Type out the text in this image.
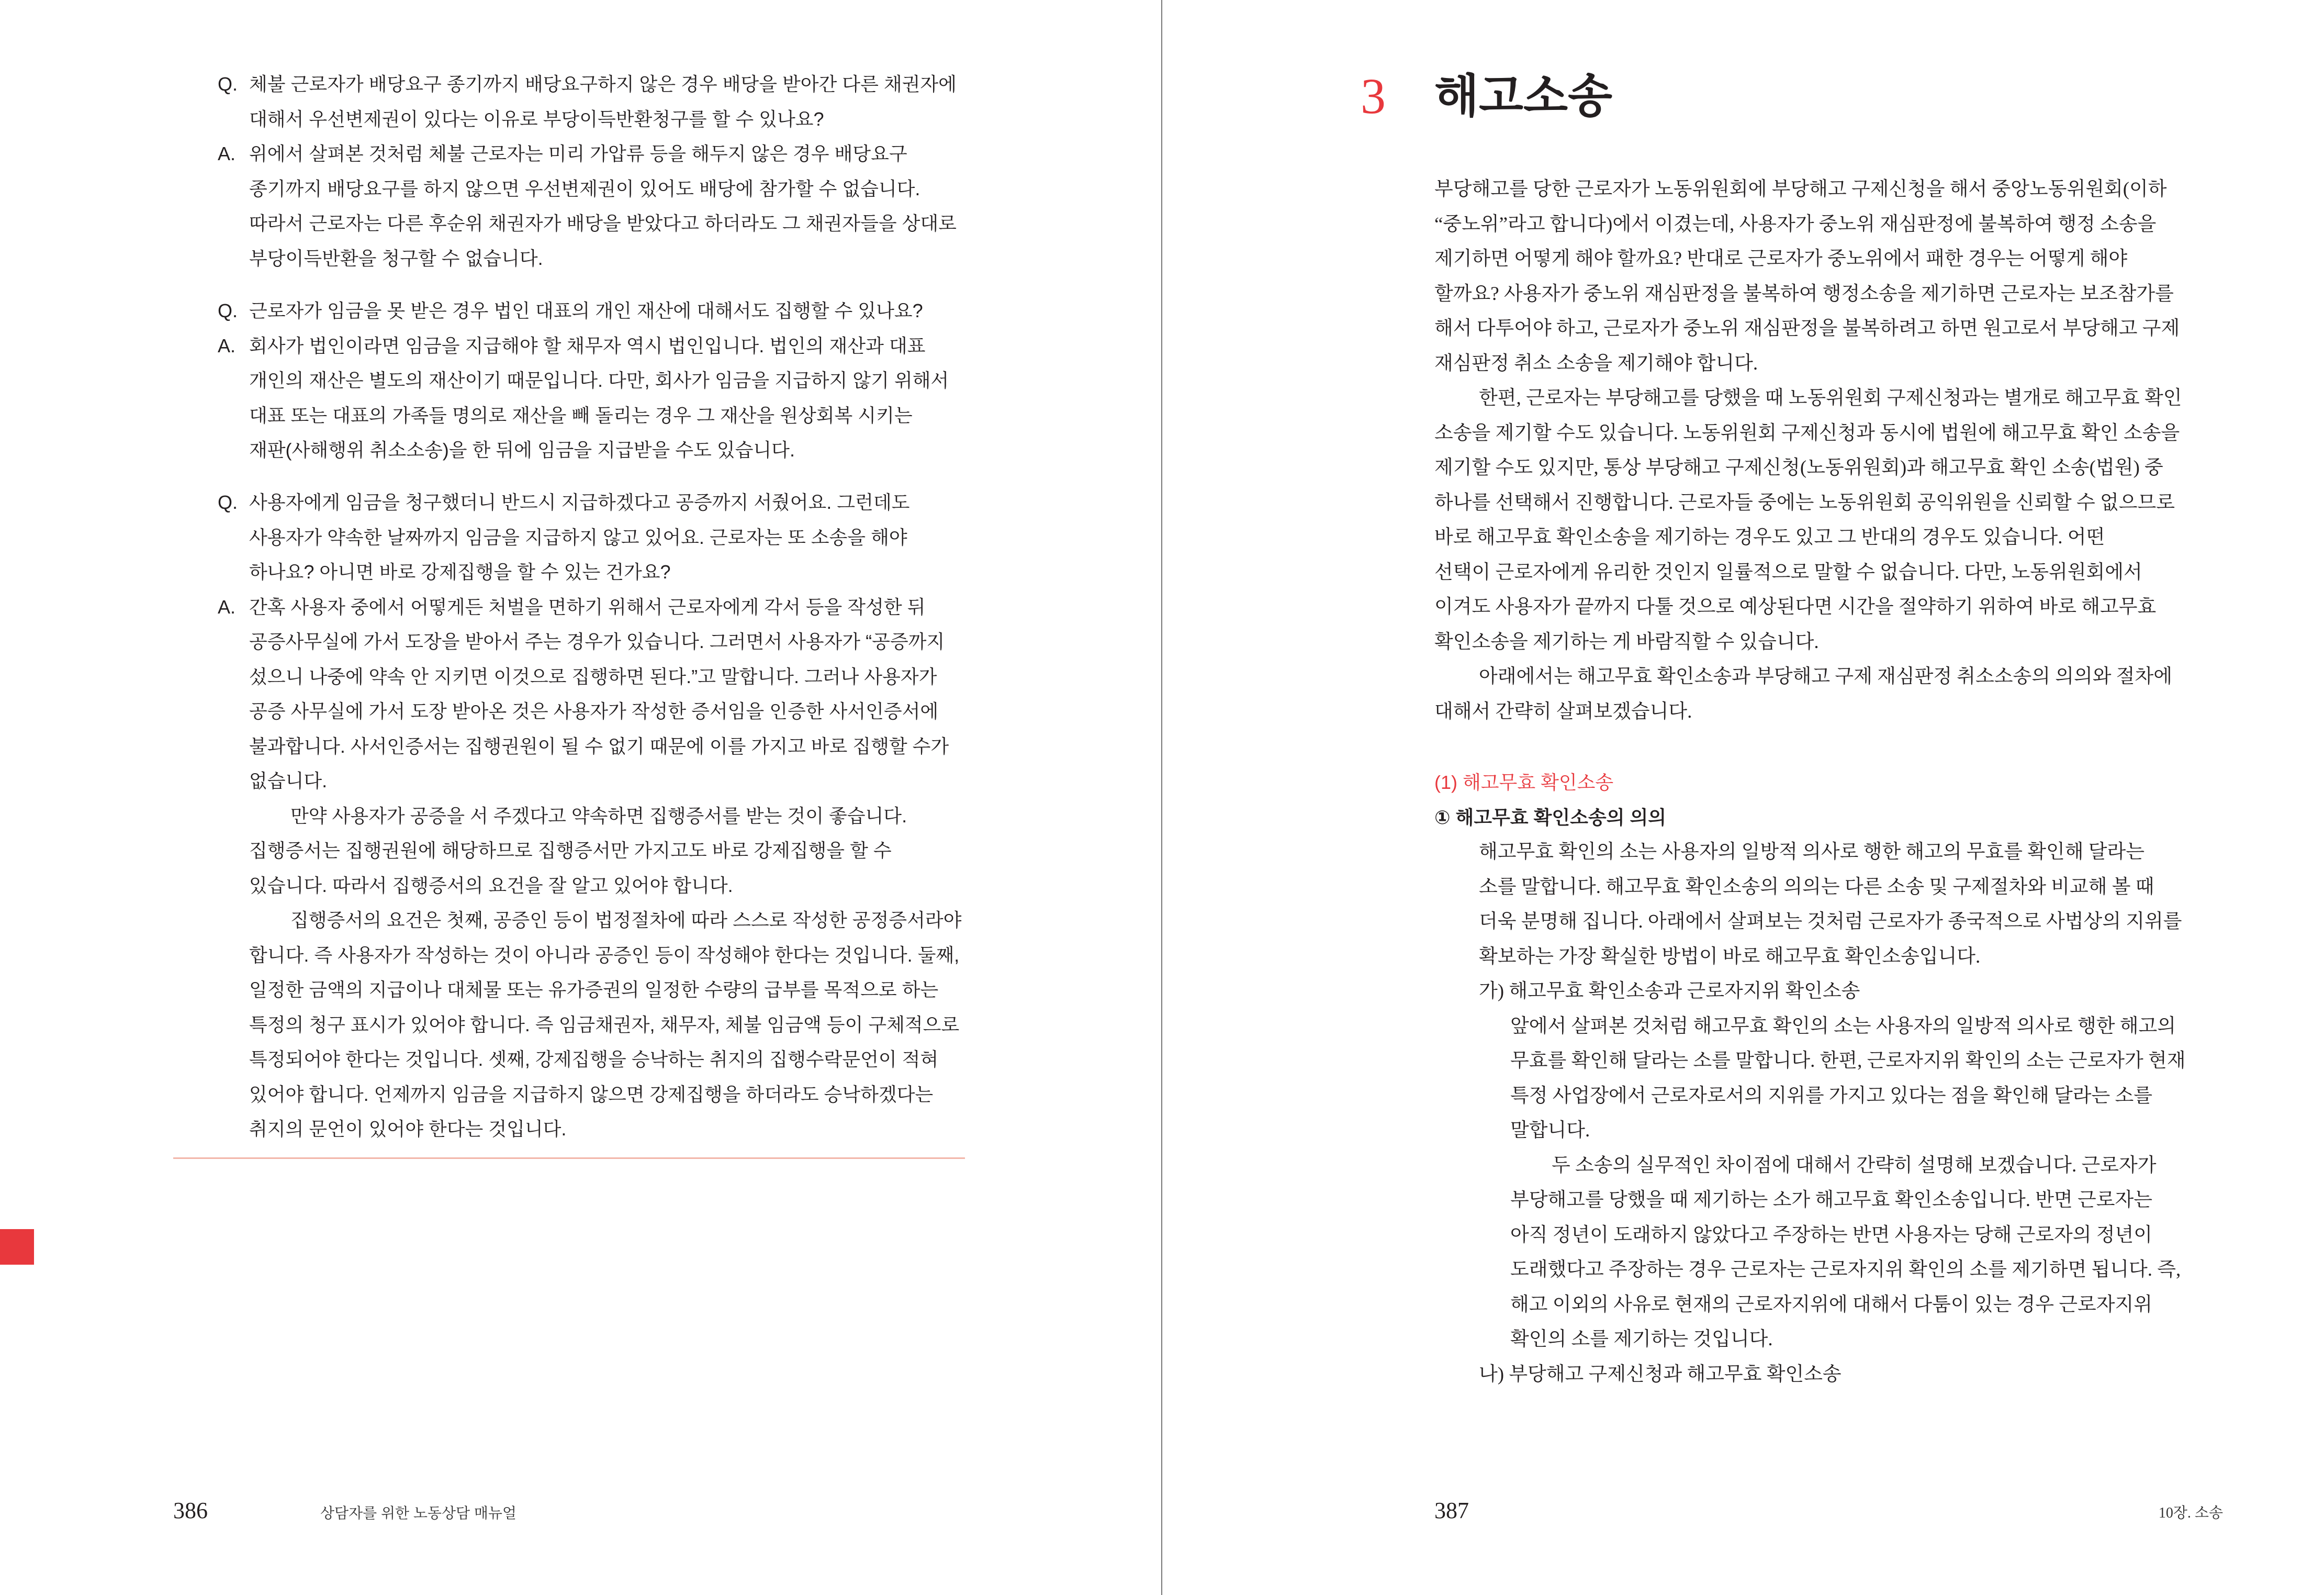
Q. 체불 근로자가 배당요구 종기까지 배당요구하지 않은 경우 배당을 받아간 다른 채권자에
대해서 우선변제권이 있다는 이유로 부당이득반환청구를 할 수 있나요?
A. 위에서 살펴본 것처럼 체불 근로자는 미리 가압류 등을 해두지 않은 경우 배당요구
종기까지 배당요구를 하지 않으면 우선변제권이 있어도 배당에 참가할 수 없습니다.
따라서 근로자는 다른 후순위 채권자가 배당을 받았다고 하더라도 그 채권자들을 상대로
부당이득반환을 청구할 수 없습니다.
Q. 근로자가 임금을 못 받은 경우 법인 대표의 개인 재산에 대해서도 집행할 수 있나요?
A. 회사가 법인이라면 임금을 지급해야 할 채무자 역시 법인입니다. 법인의 재산과 대표
개인의 재산은 별도의 재산이기 때문입니다. 다만, 회사가 임금을 지급하지 않기 위해서
대표 또는 대표의 가족들 명의로 재산을 빼 돌리는 경우 그 재산을 원상회복 시키는
재판(사해행위 취소소송)을 한 뒤에 임금을 지급받을 수도 있습니다.
Q. 사용자에게 임금을 청구했더니 반드시 지급하겠다고 공증까지 서줬어요. 그런데도
사용자가 약속한 날짜까지 임금을 지급하지 않고 있어요. 근로자는 또 소송을 해야
하나요? 아니면 바로 강제집행을 할 수 있는 건가요?
A. 간혹 사용자 중에서 어떻게든 처벌을 면하기 위해서 근로자에게 각서 등을 작성한 뒤
공증사무실에 가서 도장을 받아서 주는 경우가 있습니다. 그러면서 사용자가 “공증까지
섰으니 나중에 약속 안 지키면 이것으로 집행하면 된다.”고 말합니다. 그러나 사용자가
공증 사무실에 가서 도장 받아온 것은 사용자가 작성한 증서임을 인증한 사서인증서에
불과합니다. 사서인증서는 집행권원이 될 수 없기 때문에 이를 가지고 바로 집행할 수가
없습니다.
만약 사용자가 공증을 서 주겠다고 약속하면 집행증서를 받는 것이 좋습니다.
집행증서는 집행권원에 해당하므로 집행증서만 가지고도 바로 강제집행을 할 수
있습니다. 따라서 집행증서의 요건을 잘 알고 있어야 합니다.
집행증서의 요건은 첫째, 공증인 등이 법정절차에 따라 스스로 작성한 공정증서라야
합니다. 즉 사용자가 작성하는 것이 아니라 공증인 등이 작성해야 한다는 것입니다. 둘째,
일정한 금액의 지급이나 대체물 또는 유가증권의 일정한 수량의 급부를 목적으로 하는
특정의 청구 표시가 있어야 합니다. 즉 임금채권자, 채무자, 체불 임금액 등이 구체적으로
특정되어야 한다는 것입니다. 셋째, 강제집행을 승낙하는 취지의 집행수락문언이 적혀
있어야 합니다. 언제까지 임금을 지급하지 않으면 강제집행을 하더라도 승낙하겠다는
취지의 문언이 있어야 한다는 것입니다.
386	상담자를 위한 노동상담 매뉴얼
3 해고소송
부당해고를 당한 근로자가 노동위원회에 부당해고 구제신청을 해서 중앙노동위원회(이하
“중노위”라고 합니다)에서 이겼는데, 사용자가 중노위 재심판정에 불복하여 행정 소송을
제기하면 어떻게 해야 할까요? 반대로 근로자가 중노위에서 패한 경우는 어떻게 해야
할까요? 사용자가 중노위 재심판정을 불복하여 행정소송을 제기하면 근로자는 보조참가를
해서 다투어야 하고, 근로자가 중노위 재심판정을 불복하려고 하면 원고로서 부당해고 구제
재심판정 취소 소송을 제기해야 합니다.
한편, 근로자는 부당해고를 당했을 때 노동위원회 구제신청과는 별개로 해고무효 확인
소송을 제기할 수도 있습니다. 노동위원회 구제신청과 동시에 법원에 해고무효 확인 소송을
제기할 수도 있지만, 통상 부당해고 구제신청(노동위원회)과 해고무효 확인 소송(법원) 중
하나를 선택해서 진행합니다. 근로자들 중에는 노동위원회 공익위원을 신뢰할 수 없으므로
바로 해고무효 확인소송을 제기하는 경우도 있고 그 반대의 경우도 있습니다. 어떤
선택이 근로자에게 유리한 것인지 일률적으로 말할 수 없습니다. 다만, 노동위원회에서
이겨도 사용자가 끝까지 다툴 것으로 예상된다면 시간을 절약하기 위하여 바로 해고무효
확인소송을 제기하는 게 바람직할 수 있습니다.
아래에서는 해고무효 확인소송과 부당해고 구제 재심판정 취소소송의 의의와 절차에
대해서 간략히 살펴보겠습니다.
(1) 해고무효 확인소송
① 해고무효 확인소송의 의의
해고무효 확인의 소는 사용자의 일방적 의사로 행한 해고의 무효를 확인해 달라는
소를 말합니다. 해고무효 확인소송의 의의는 다른 소송 및 구제절차와 비교해 볼 때
더욱 분명해 집니다. 아래에서 살펴보는 것처럼 근로자가 종국적으로 사법상의 지위를
확보하는 가장 확실한 방법이 바로 해고무효 확인소송입니다.
가) 해고무효 확인소송과 근로자지위 확인소송
앞에서 살펴본 것처럼 해고무효 확인의 소는 사용자의 일방적 의사로 행한 해고의
무효를 확인해 달라는 소를 말합니다. 한편, 근로자지위 확인의 소는 근로자가 현재
특정 사업장에서 근로자로서의 지위를 가지고 있다는 점을 확인해 달라는 소를
말합니다.
두 소송의 실무적인 차이점에 대해서 간략히 설명해 보겠습니다. 근로자가
부당해고를 당했을 때 제기하는 소가 해고무효 확인소송입니다. 반면 근로자는
아직 정년이 도래하지 않았다고 주장하는 반면 사용자는 당해 근로자의 정년이
도래했다고 주장하는 경우 근로자는 근로자지위 확인의 소를 제기하면 됩니다. 즉,
해고 이외의 사유로 현재의 근로자지위에 대해서 다툼이 있는 경우 근로자지위
확인의 소를 제기하는 것입니다.
나) 부당해고 구제신청과 해고무효 확인소송
387	10장. 소송
